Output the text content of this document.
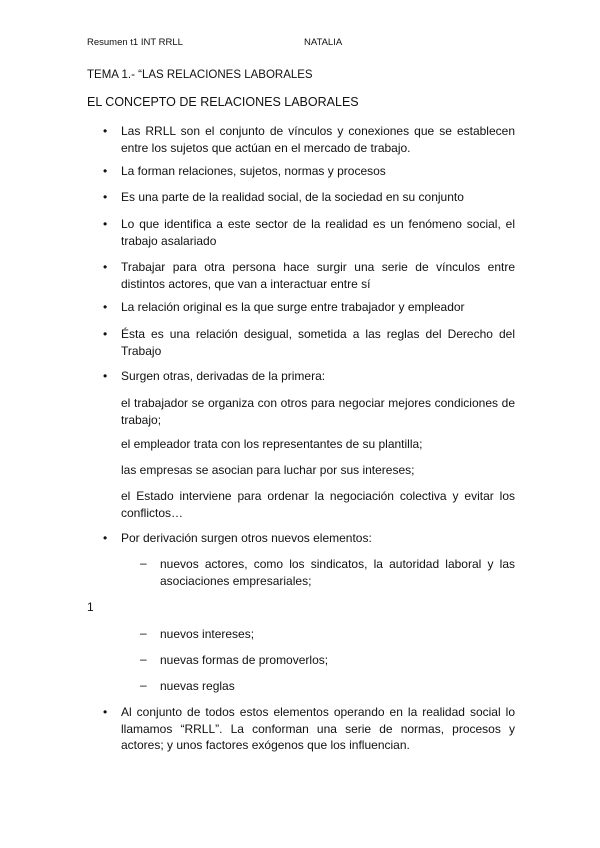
Resumen t1 INT RRLL	NATALIA
TEMA 1.- “LAS RELACIONES LABORALES
EL CONCEPTO DE RELACIONES LABORALES
• Las RRLL son el conjunto de vínculos y conexiones que se establecen entre los sujetos que actúan en el mercado de trabajo.
• La forman relaciones, sujetos, normas y procesos
• Es una parte de la realidad social, de la sociedad en su conjunto
• Lo que identifica a este sector de la realidad es un fenómeno social, el trabajo asalariado
• Trabajar para otra persona hace surgir una serie de vínculos entre distintos actores, que van a interactuar entre sí
• La relación original es la que surge entre trabajador y empleador
• Ésta es una relación desigual, sometida a las reglas del Derecho del Trabajo
• Surgen otras, derivadas de la primera:
el trabajador se organiza con otros para negociar mejores condiciones de trabajo;
el empleador trata con los representantes de su plantilla;
las empresas se asocian para luchar por sus intereses;
el Estado interviene para ordenar la negociación colectiva y evitar los conflictos…
• Por derivación surgen otros nuevos elementos:
– nuevos actores, como los sindicatos, la autoridad laboral y las asociaciones empresariales;
1
– nuevos intereses;
– nuevas formas de promoverlos;
– nuevas reglas
• Al conjunto de todos estos elementos operando en la realidad social lo llamamos “RRLL”. La conforman una serie de normas, procesos y actores; y unos factores exógenos que los influencian.
